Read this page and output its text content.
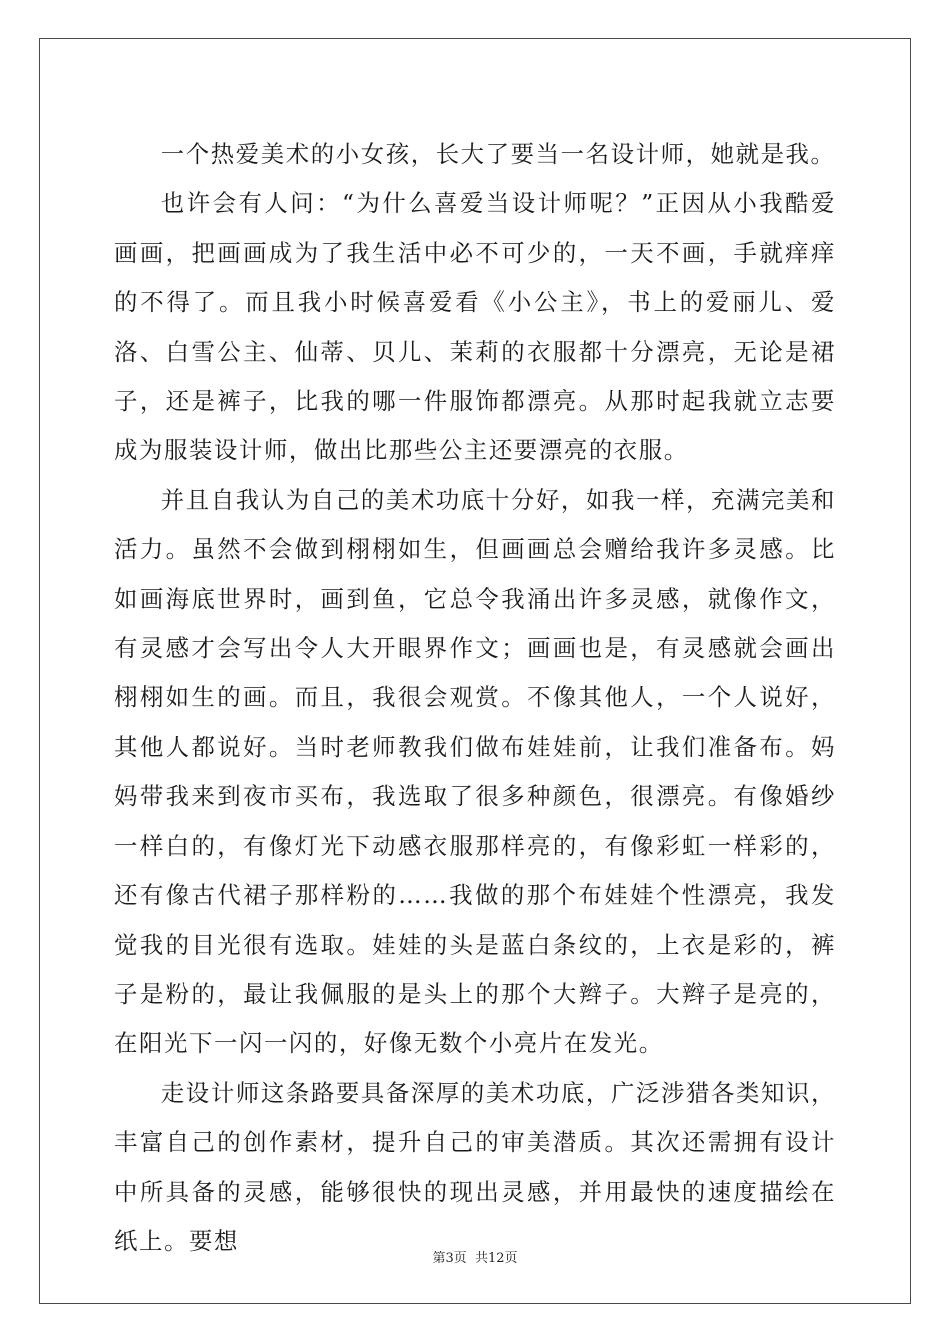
一个热爱美术的小女孩，长大了要当一名设计师，她就是我。

也许会有人问：“为什么喜爱当设计师呢？”正因从小我酷爱画画，把画画成为了我生活中必不可少的，一天不画，手就痒痒的不得了。而且我小时候喜爱看《小公主》，书上的爱丽儿、爱洛、白雪公主、仙蒂、贝儿、茉莉的衣服都十分漂亮，无论是裙子，还是裤子，比我的哪一件服饰都漂亮。从那时起我就立志要成为服装设计师，做出比那些公主还要漂亮的衣服。

并且自我认为自己的美术功底十分好，如我一样，充满完美和活力。虽然不会做到栩栩如生，但画画总会赠给我许多灵感。比如画海底世界时，画到鱼，它总令我涌出许多灵感，就像作文，有灵感才会写出令人大开眼界作文；画画也是，有灵感就会画出栩栩如生的画。而且，我很会观赏。不像其他人，一个人说好，其他人都说好。当时老师教我们做布娃娃前，让我们准备布。妈妈带我来到夜市买布，我选取了很多种颜色，很漂亮。有像婚纱一样白的，有像灯光下动感衣服那样亮的，有像彩虹一样彩的，还有像古代裙子那样粉的……我做的那个布娃娃个性漂亮，我发觉我的目光很有选取。娃娃的头是蓝白条纹的，上衣是彩的，裤子是粉的，最让我佩服的是头上的那个大辫子。大辫子是亮的，在阳光下一闪一闪的，好像无数个小亮片在发光。

走设计师这条路要具备深厚的美术功底，广泛涉猎各类知识，丰富自己的创作素材，提升自己的审美潜质。其次还需拥有设计中所具备的灵感，能够很快的现出灵感，并用最快的速度描绘在纸上。要想

第3页 共12页
